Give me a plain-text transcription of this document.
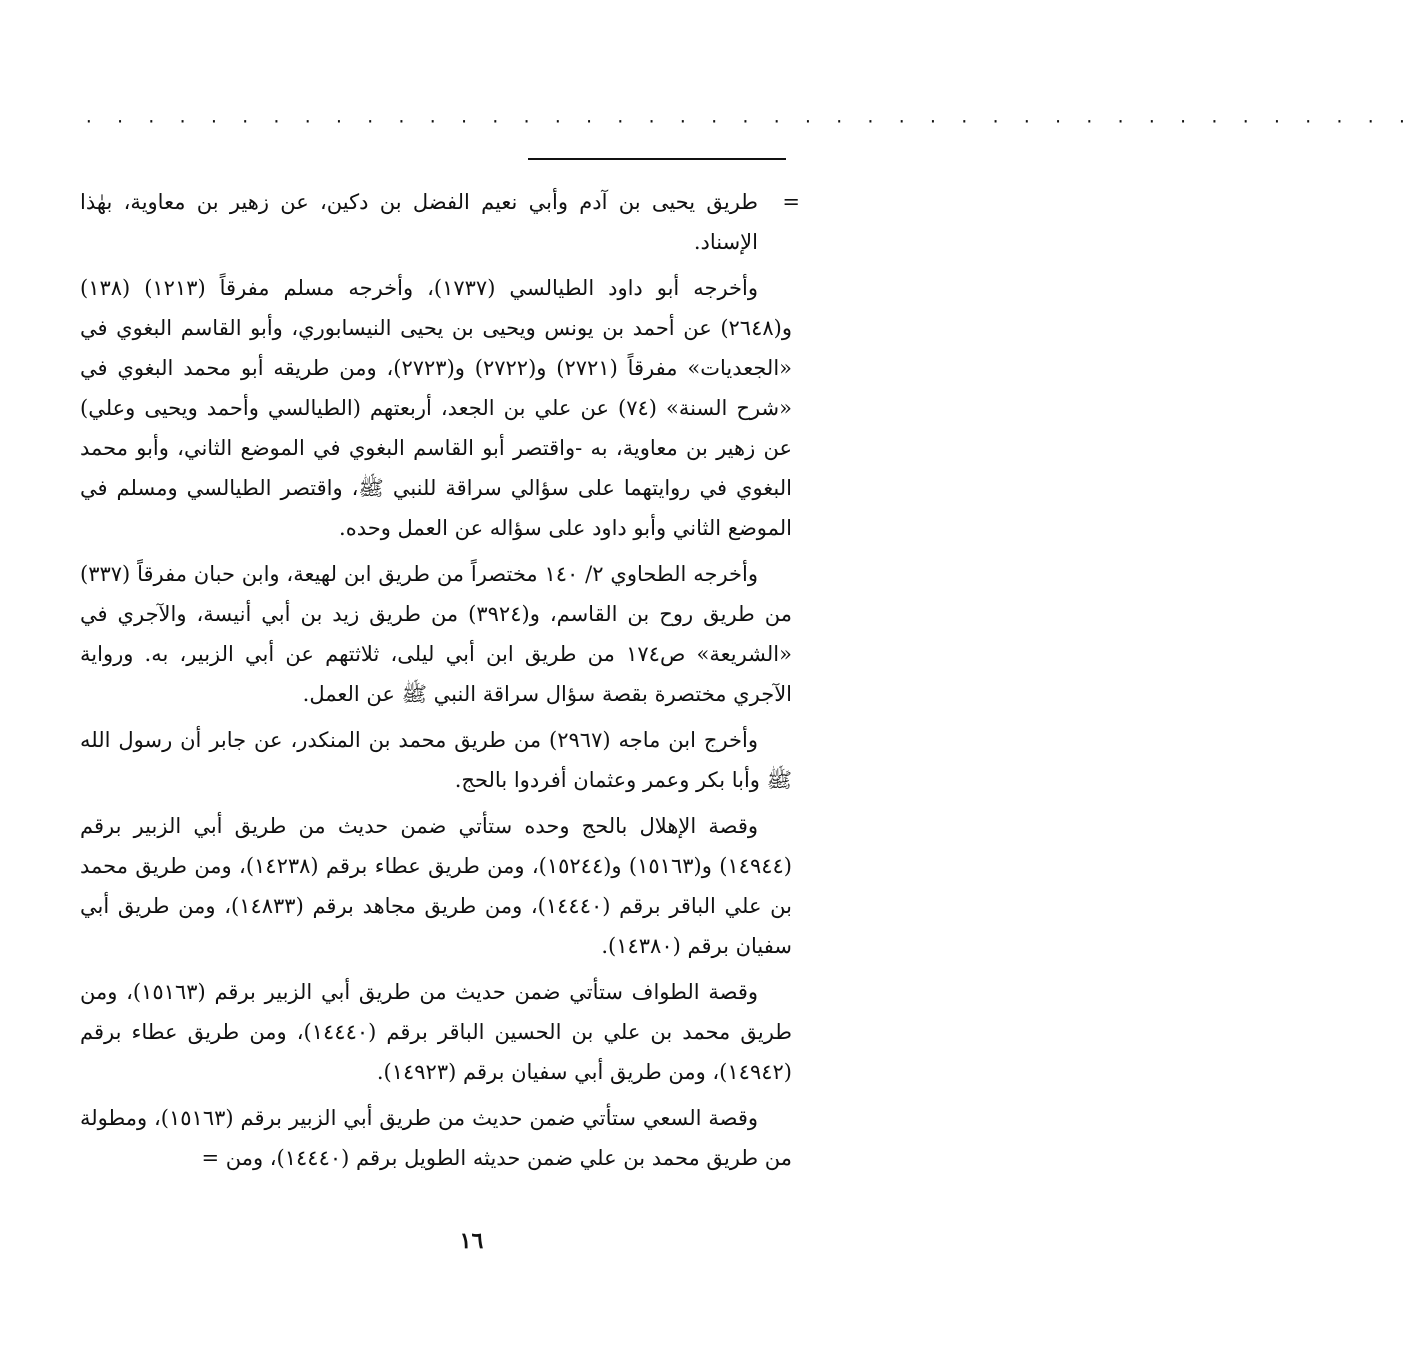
· · · · · · · · · · · · · · · · · · · · · · · · · · · · · · · · · · · · · · · · · · ·

=
طريق يحيى بن آدم وأبي نعيم الفضل بن دكين، عن زهير بن معاوية، بهٰذا الإسناد.

وأخرجه أبو داود الطيالسي (١٧٣٧)، وأخرجه مسلم مفرقاً (١٢١٣) (١٣٨) و(٢٦٤٨) عن أحمد بن يونس ويحيى بن يحيى النيسابوري، وأبو القاسم البغوي في «الجعديات» مفرقاً (٢٧٢١) و(٢٧٢٢) و(٢٧٢٣)، ومن طريقه أبو محمد البغوي في «شرح السنة» (٧٤) عن علي بن الجعد، أربعتهم (الطيالسي وأحمد ويحيى وعلي) عن زهير بن معاوية، به -واقتصر أبو القاسم البغوي في الموضع الثاني، وأبو محمد البغوي في روايتهما على سؤالي سراقة للنبي ﷺ، واقتصر الطيالسي ومسلم في الموضع الثاني وأبو داود على سؤاله عن العمل وحده.

وأخرجه الطحاوي ٢/ ١٤٠ مختصراً من طريق ابن لهيعة، وابن حبان مفرقاً (٣٣٧) من طريق روح بن القاسم، و(٣٩٢٤) من طريق زيد بن أبي أنيسة، والآجري في «الشريعة» ص١٧٤ من طريق ابن أبي ليلى، ثلاثتهم عن أبي الزبير، به. ورواية الآجري مختصرة بقصة سؤال سراقة النبي ﷺ عن العمل.

وأخرج ابن ماجه (٢٩٦٧) من طريق محمد بن المنكدر، عن جابر أن رسول الله ﷺ وأبا بكر وعمر وعثمان أفردوا بالحج.

وقصة الإهلال بالحج وحده ستأتي ضمن حديث من طريق أبي الزبير برقم (١٤٩٤٤) و(١٥١٦٣) و(١٥٢٤٤)، ومن طريق عطاء برقم (١٤٢٣٨)، ومن طريق محمد بن علي الباقر برقم (١٤٤٤٠)، ومن طريق مجاهد برقم (١٤٨٣٣)، ومن طريق أبي سفيان برقم (١٤٣٨٠).

وقصة الطواف ستأتي ضمن حديث من طريق أبي الزبير برقم (١٥١٦٣)، ومن طريق محمد بن علي بن الحسين الباقر برقم (١٤٤٤٠)، ومن طريق عطاء برقم (١٤٩٤٢)، ومن طريق أبي سفيان برقم (١٤٩٢٣).

وقصة السعي ستأتي ضمن حديث من طريق أبي الزبير برقم (١٥١٦٣)، ومطولة من طريق محمد بن علي ضمن حديثه الطويل برقم (١٤٤٤٠)، ومن =

١٦
